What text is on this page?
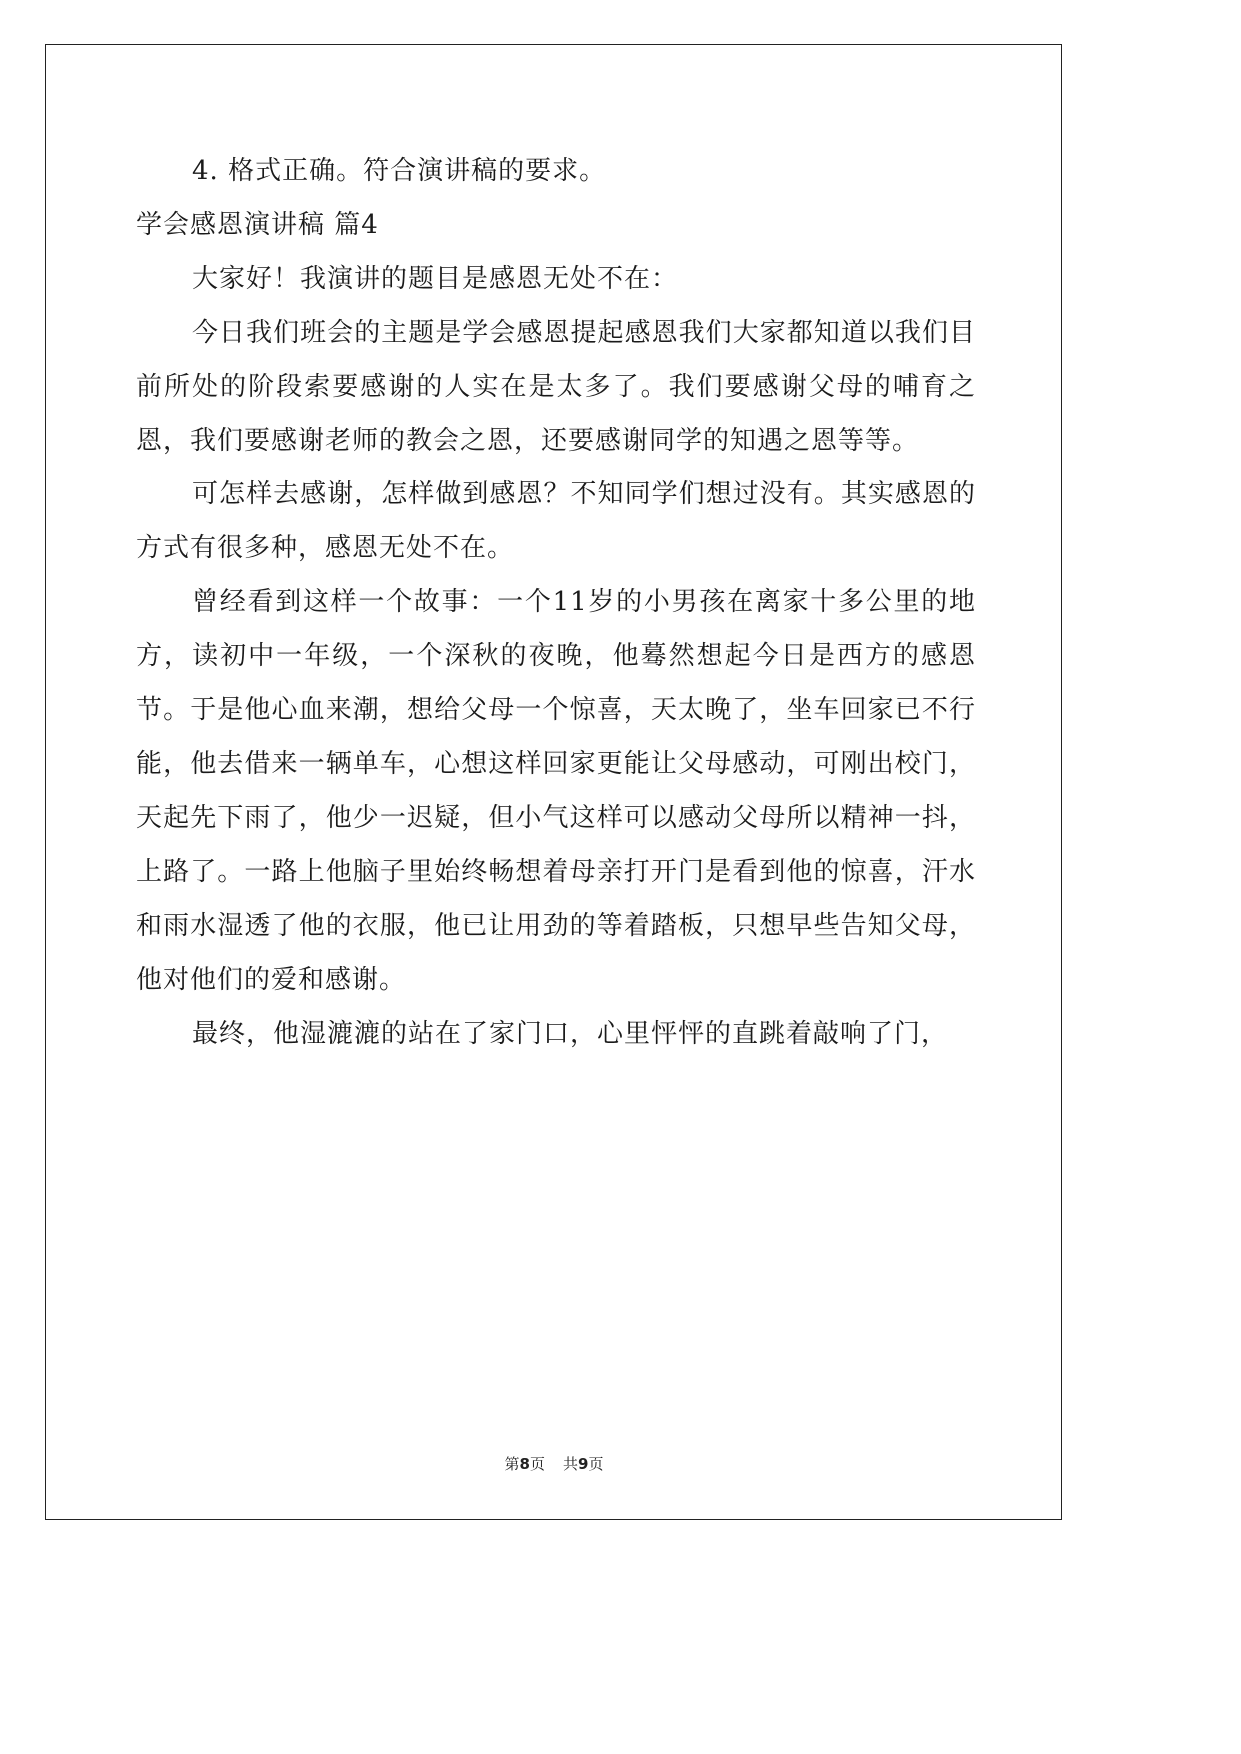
4. 格式正确。符合演讲稿的要求。

学会感恩演讲稿 篇4

大家好！我演讲的题目是感恩无处不在：

今日我们班会的主题是学会感恩提起感恩我们大家都知道以我们目前所处的阶段索要感谢的人实在是太多了。我们要感谢父母的哺育之恩，我们要感谢老师的教会之恩，还要感谢同学的知遇之恩等等。

可怎样去感谢，怎样做到感恩？不知同学们想过没有。其实感恩的方式有很多种，感恩无处不在。

曾经看到这样一个故事：一个11岁的小男孩在离家十多公里的地方，读初中一年级，一个深秋的夜晚，他蓦然想起今日是西方的感恩节。于是他心血来潮，想给父母一个惊喜，天太晚了，坐车回家已不行能，他去借来一辆单车，心想这样回家更能让父母感动，可刚出校门，天起先下雨了，他少一迟疑，但小气这样可以感动父母所以精神一抖，上路了。一路上他脑子里始终畅想着母亲打开门是看到他的惊喜，汗水和雨水湿透了他的衣服，他已让用劲的等着踏板，只想早些告知父母，他对他们的爱和感谢。

最终，他湿漉漉的站在了家门口，心里怦怦的直跳着敲响了门，

第8页 共9页
